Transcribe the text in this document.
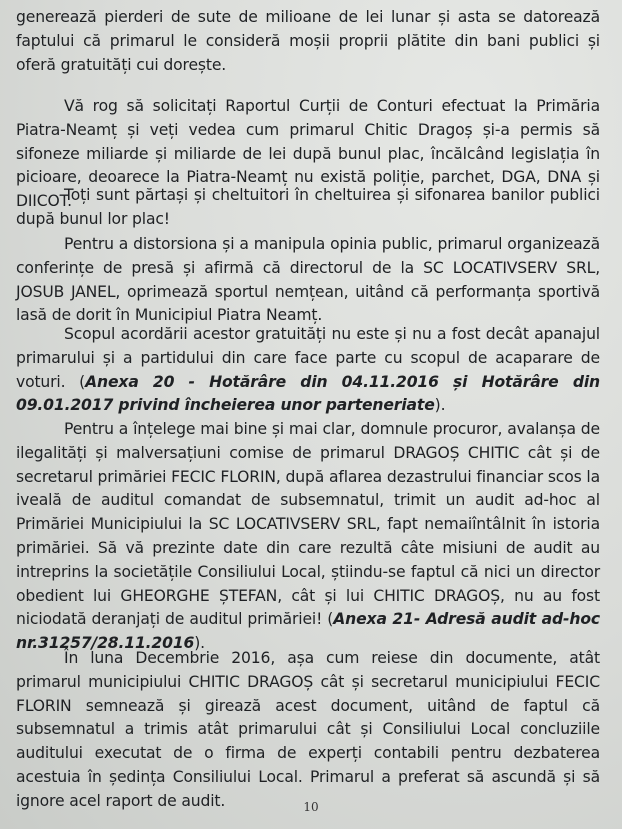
generează pierderi de sute de milioane de lei lunar și asta se datorează faptului că primarul le consideră moșii proprii plătite din bani publici și oferă gratuități cui dorește.

Vă rog să solicitați Raportul Curții de Conturi efectuat la Primăria Piatra-Neamț și veți vedea cum primarul Chitic Dragoș și-a permis să sifoneze miliarde și miliarde de lei după bunul plac, încălcând legislația în picioare, deoarece la Piatra-Neamț nu există poliție, parchet, DGA, DNA și DIICOT.

Toți sunt părtași și cheltuitori în cheltuirea și sifonarea banilor publici după bunul lor plac!

Pentru a distorsiona și a manipula opinia public, primarul organizează conferințe de presă și afirmă că directorul de la SC LOCATIVSERV SRL, JOSUB JANEL, oprimează sportul nemțean, uitând că performanța sportivă lasă de dorit în Municipiul Piatra Neamț.

Scopul acordării acestor gratuități nu este și nu a fost decât apanajul primarului și a partidului din care face parte cu scopul de acaparare de voturi. (Anexa 20 - Hotărâre din 04.11.2016 și Hotărâre din 09.01.2017 privind încheierea unor parteneriate).

Pentru a înțelege mai bine și mai clar, domnule procuror, avalanșa de ilegalități și malversațiuni comise de primarul DRAGOȘ CHITIC cât și de secretarul primăriei FECIC FLORIN, după aflarea dezastrului financiar scos la iveală de auditul comandat de subsemnatul, trimit un audit ad-hoc al Primăriei Municipiului la SC LOCATIVSERV SRL, fapt nemaiîntâlnit în istoria primăriei. Să vă prezinte date din care rezultă câte misiuni de audit au intreprins la societățile Consiliului Local, știindu-se faptul că nici un director obedient lui GHEORGHE ȘTEFAN, cât și lui CHITIC DRAGOȘ, nu au fost niciodată deranjați de auditul primăriei! (Anexa 21- Adresă audit ad-hoc nr.31257/28.11.2016).

În luna Decembrie 2016, așa cum reiese din documente, atât primarul municipiului CHITIC DRAGOȘ cât și secretarul municipiului FECIC FLORIN semnează și girează acest document, uitând de faptul că subsemnatul a trimis atât primarului cât și Consiliului Local concluziile auditului executat de o firma de experți contabili pentru dezbaterea acestuia în ședința Consiliului Local. Primarul a preferat să ascundă și să ignore acel raport de audit.	10
